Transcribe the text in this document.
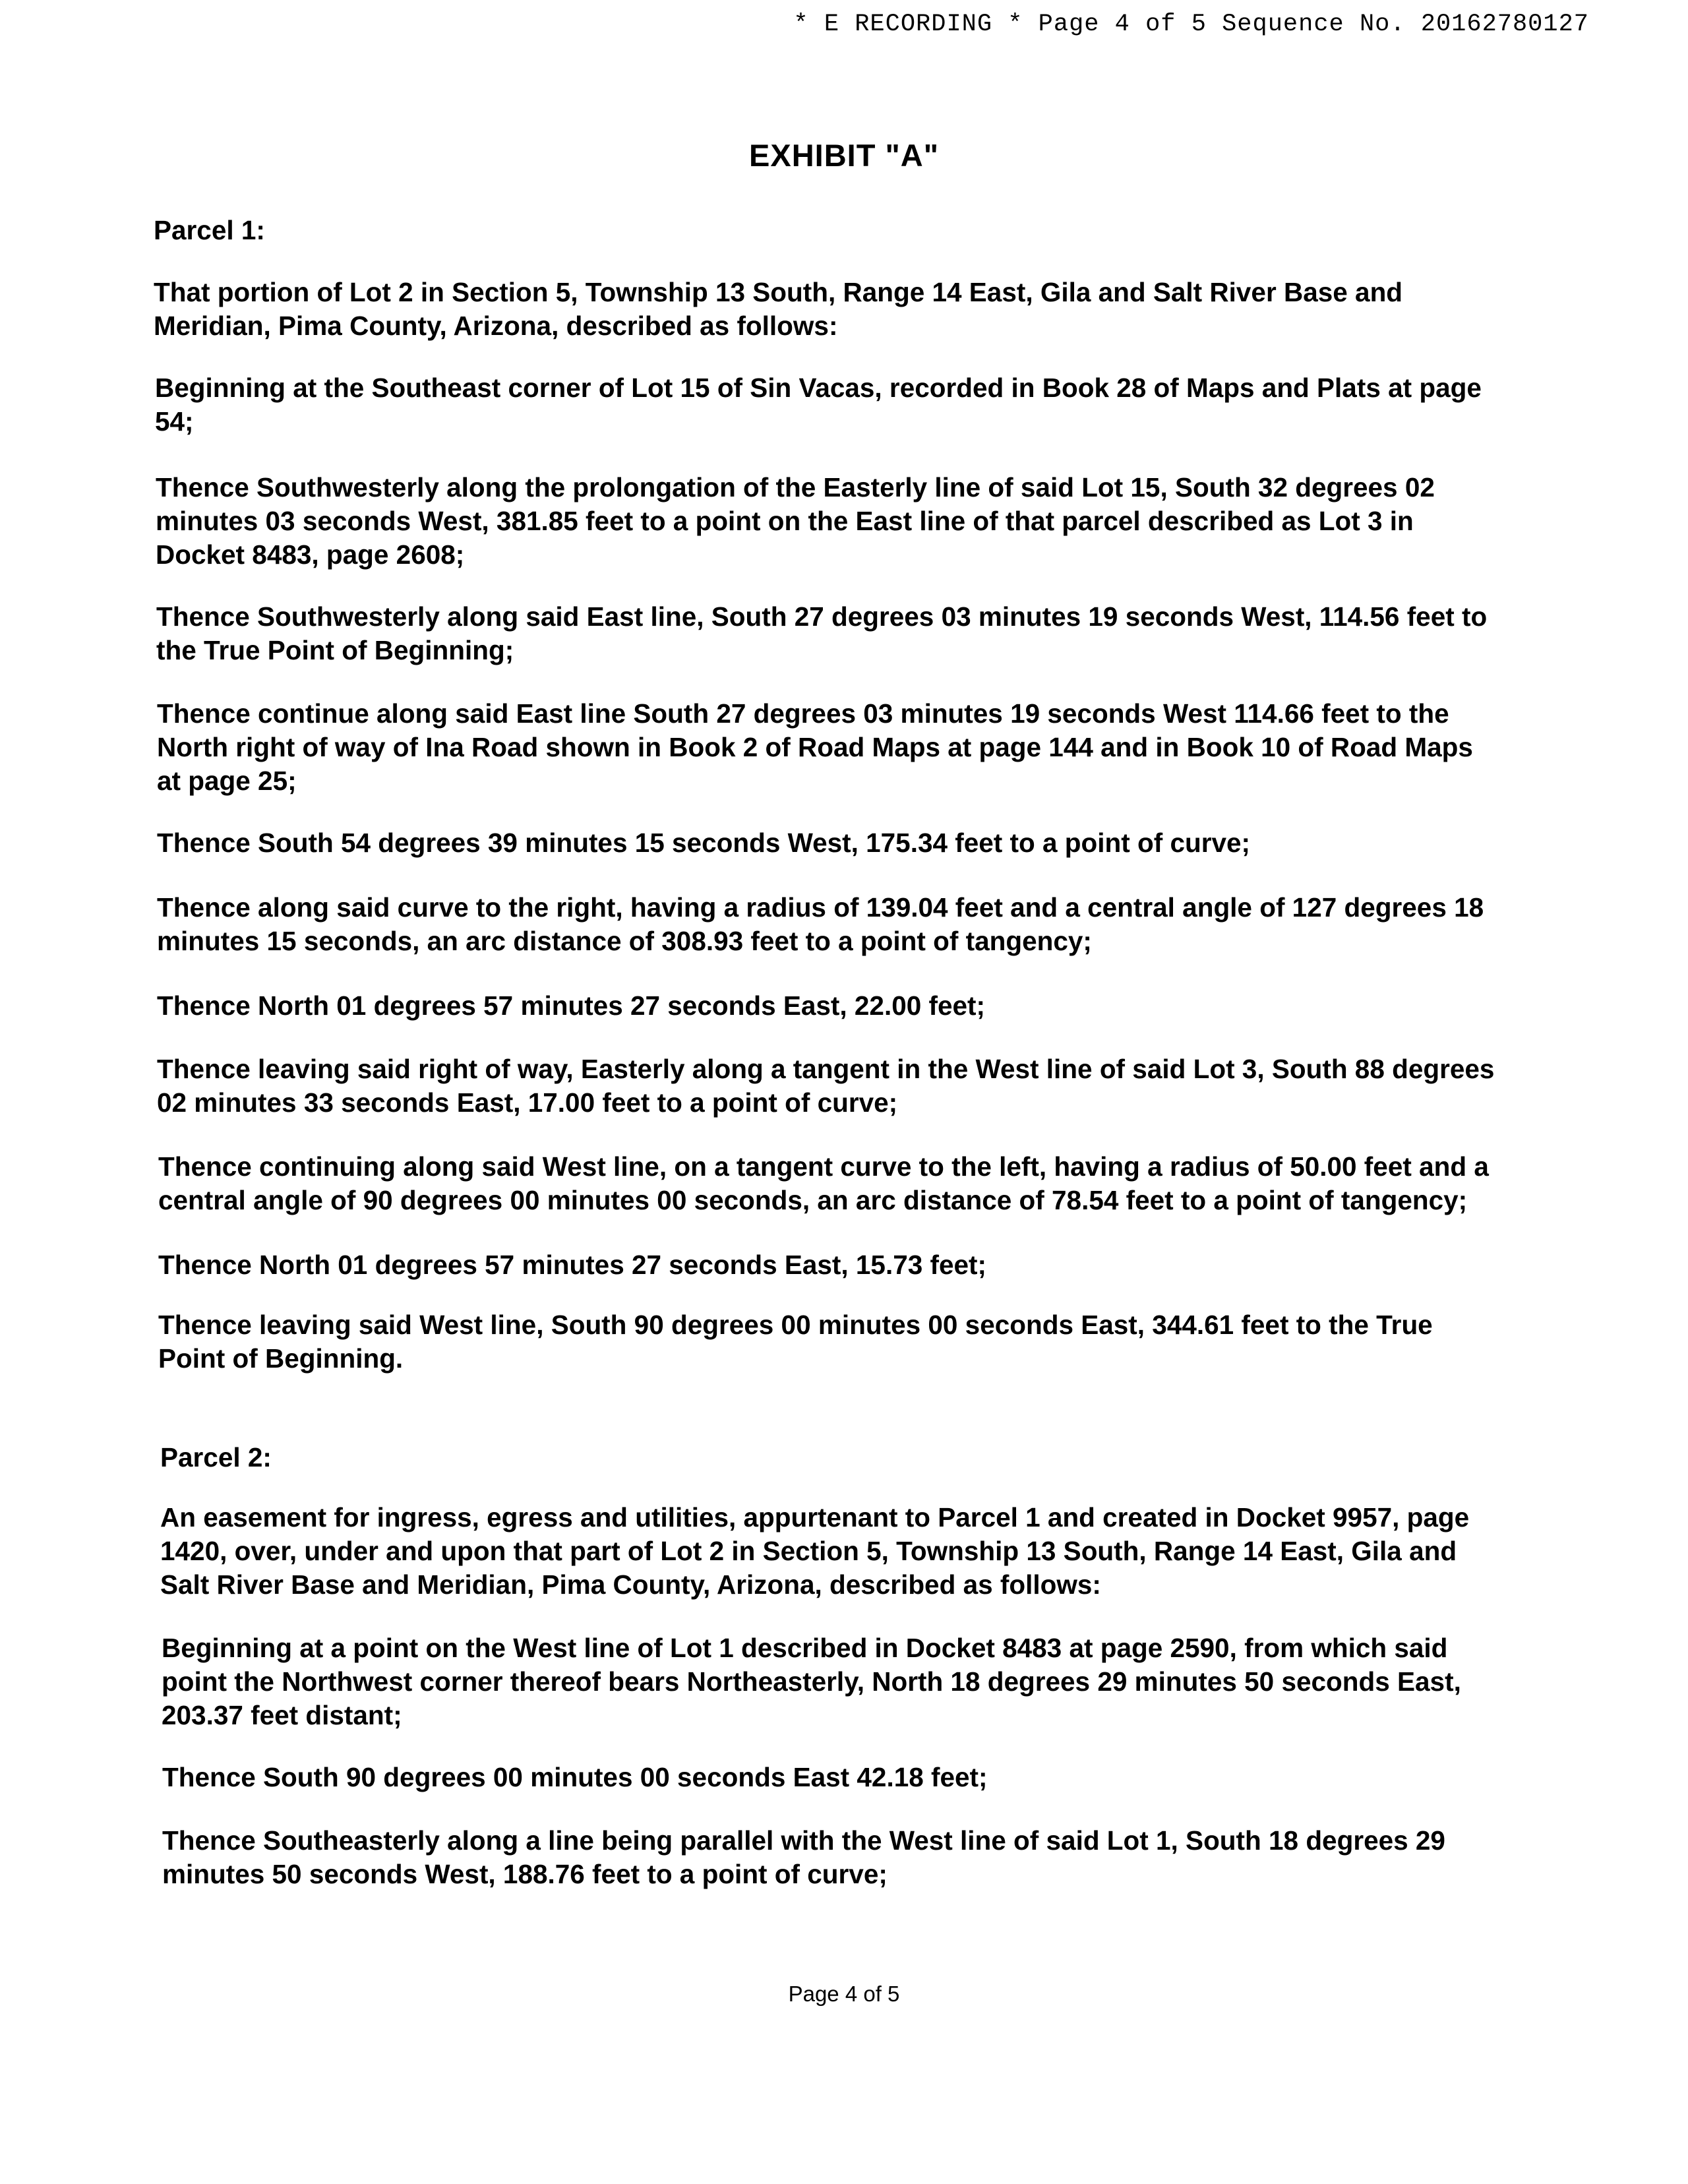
* E RECORDING * Page 4 of 5 Sequence No. 20162780127
EXHIBIT "A"
Parcel 1:
That portion of Lot 2 in Section 5, Township 13 South, Range 14 East, Gila and Salt River Base and
Meridian, Pima County, Arizona, described as follows:
Beginning at the Southeast corner of Lot 15 of Sin Vacas, recorded in Book 28 of Maps and Plats at page
54;
Thence Southwesterly along the prolongation of the Easterly line of said Lot 15, South 32 degrees 02
minutes 03 seconds West, 381.85 feet to a point on the East line of that parcel described as Lot 3 in
Docket 8483, page 2608;
Thence Southwesterly along said East line, South 27 degrees 03 minutes 19 seconds West, 114.56 feet to
the True Point of Beginning;
Thence continue along said East line South 27 degrees 03 minutes 19 seconds West 114.66 feet to the
North right of way of Ina Road shown in Book 2 of Road Maps at page 144 and in Book 10 of Road Maps
at page 25;
Thence South 54 degrees 39 minutes 15 seconds West, 175.34 feet to a point of curve;
Thence along said curve to the right, having a radius of 139.04 feet and a central angle of 127 degrees 18
minutes 15 seconds, an arc distance of 308.93 feet to a point of tangency;
Thence North 01 degrees 57 minutes 27 seconds East, 22.00 feet;
Thence leaving said right of way, Easterly along a tangent in the West line of said Lot 3, South 88 degrees
02 minutes 33 seconds East, 17.00 feet to a point of curve;
Thence continuing along said West line, on a tangent curve to the left, having a radius of 50.00 feet and a
central angle of 90 degrees 00 minutes 00 seconds, an arc distance of 78.54 feet to a point of tangency;
Thence North 01 degrees 57 minutes 27 seconds East, 15.73 feet;
Thence leaving said West line, South 90 degrees 00 minutes 00 seconds East, 344.61 feet to the True
Point of Beginning.
Parcel 2:
An easement for ingress, egress and utilities, appurtenant to Parcel 1 and created in Docket 9957, page
1420, over, under and upon that part of Lot 2 in Section 5, Township 13 South, Range 14 East, Gila and
Salt River Base and Meridian, Pima County, Arizona, described as follows:
Beginning at a point on the West line of Lot 1 described in Docket 8483 at page 2590, from which said
point the Northwest corner thereof bears Northeasterly, North 18 degrees 29 minutes 50 seconds East,
203.37 feet distant;
Thence South 90 degrees 00 minutes 00 seconds East 42.18 feet;
Thence Southeasterly along a line being parallel with the West line of said Lot 1, South 18 degrees 29
minutes 50 seconds West, 188.76 feet to a point of curve;
Page 4 of 5
